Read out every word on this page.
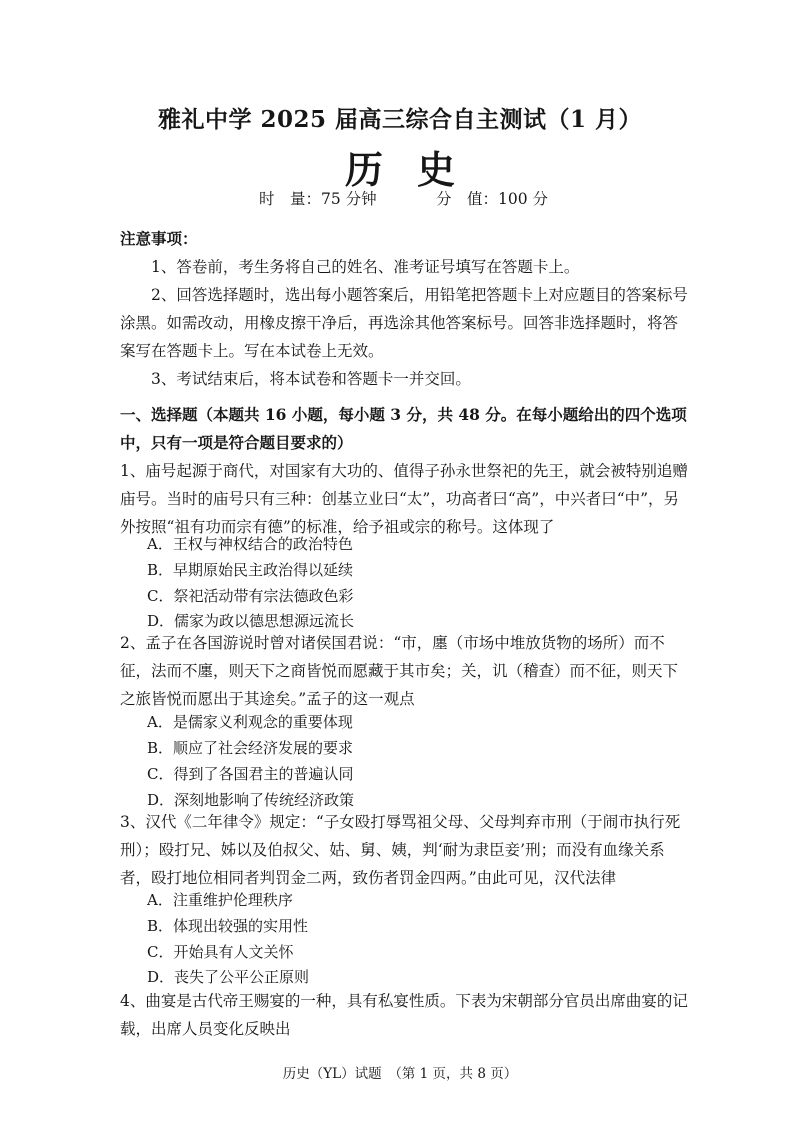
雅礼中学 2025 届高三综合自主测试（1 月）
历史
时　量：75 分钟	分　值：100 分

注意事项：

1、答卷前，考生务将自己的姓名、准考证号填写在答题卡上。

2、回答选择题时，选出每小题答案后，用铅笔把答题卡上对应题目的答案标号涂黑。如需改动，用橡皮擦干净后，再选涂其他答案标号。回答非选择题时，将答案写在答题卡上。写在本试卷上无效。

3、考试结束后，将本试卷和答题卡一并交回。

一、选择题（本题共 16 小题，每小题 3 分，共 48 分。在每小题给出的四个选项中，只有一项是符合题目要求的）

1、庙号起源于商代，对国家有大功的、值得子孙永世祭祀的先王，就会被特别追赠庙号。当时的庙号只有三种：创基立业曰“太”，功高者曰“高”，中兴者曰“中”，另外按照“祖有功而宗有德”的标准，给予祖或宗的称号。这体现了

A．王权与神权结合的政治特色
B．早期原始民主政治得以延续
C．祭祀活动带有宗法德政色彩
D．儒家为政以德思想源远流长

2、孟子在各国游说时曾对诸侯国君说：“市，廛（市场中堆放货物的场所）而不征，法而不廛，则天下之商皆悦而愿藏于其市矣；关，讥（稽查）而不征，则天下之旅皆悦而愿出于其途矣。”孟子的这一观点

A．是儒家义利观念的重要体现
B．顺应了社会经济发展的要求
C．得到了各国君主的普遍认同
D．深刻地影响了传统经济政策

3、汉代《二年律令》规定：“子女殴打辱骂祖父母、父母判弃市刑（于闹市执行死刑）；殴打兄、姊以及伯叔父、姑、舅、姨，判‘耐为隶臣妾’刑；而没有血缘关系者，殴打地位相同者判罚金二两，致伤者罚金四两。”由此可见，汉代法律

A．注重维护伦理秩序
B．体现出较强的实用性
C．开始具有人文关怀
D．丧失了公平公正原则

4、曲宴是古代帝王赐宴的一种，具有私宴性质。下表为宋朝部分官员出席曲宴的记载，出席人员变化反映出

历史（YL）试题　（第 1 页，共 8 页）
